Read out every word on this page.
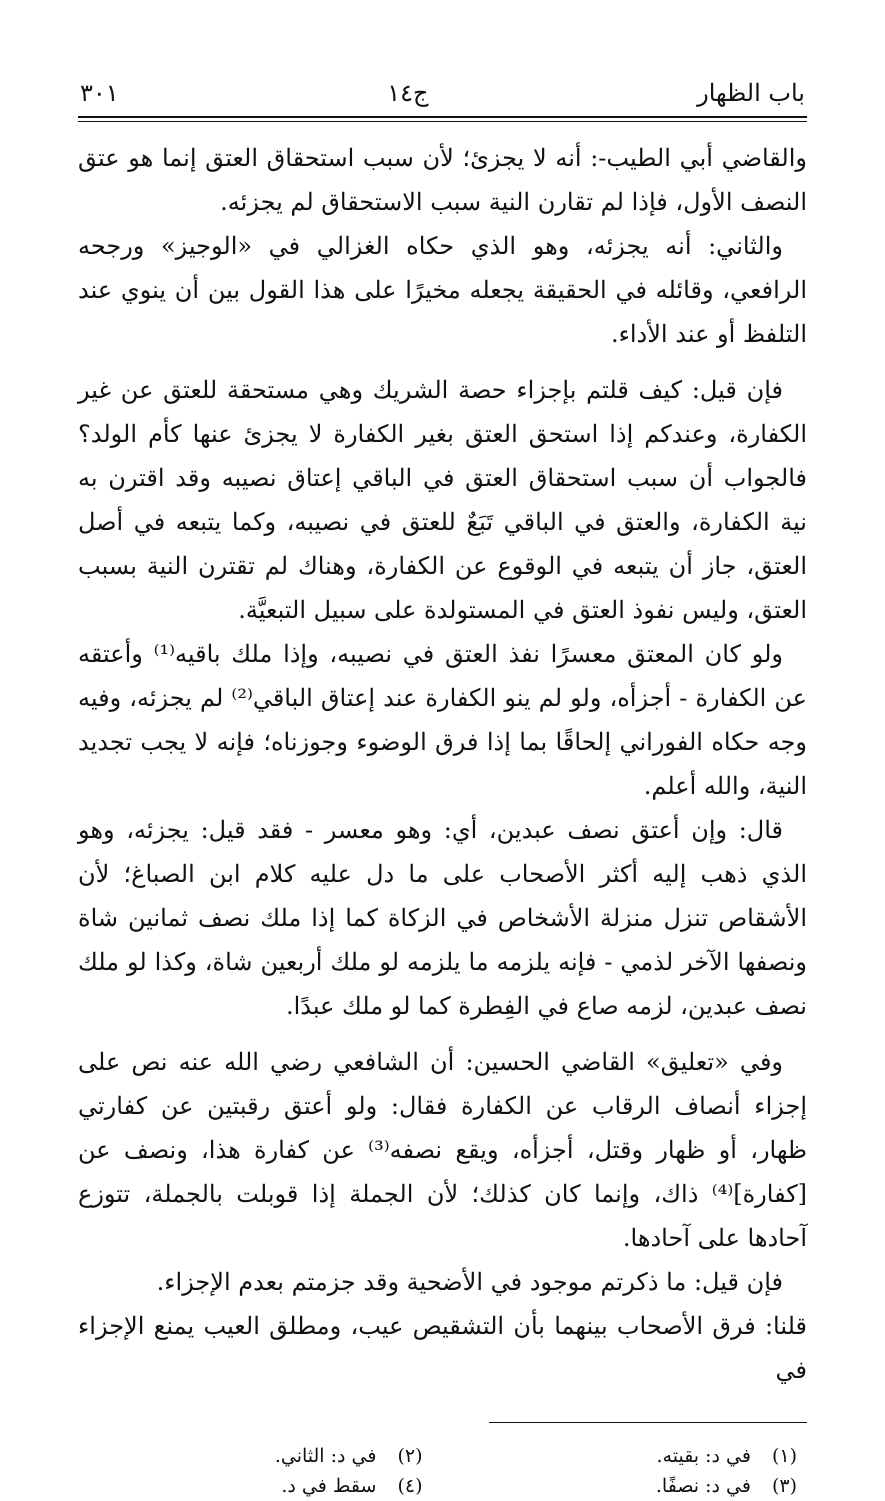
باب الظهار
ج١٤
٣٠١

والقاضي أبي الطيب-: أنه لا يجزئ؛ لأن سبب استحقاق العتق إنما هو عتق النصف الأول، فإذا لم تقارن النية سبب الاستحقاق لم يجزئه.

والثاني: أنه يجزئه، وهو الذي حكاه الغزالي في «الوجيز» ورجحه الرافعي، وقائله في الحقيقة يجعله مخيرًا على هذا القول بين أن ينوي عند التلفظ أو عند الأداء.

فإن قيل: كيف قلتم بإجزاء حصة الشريك وهي مستحقة للعتق عن غير الكفارة، وعندكم إذا استحق العتق بغير الكفارة لا يجزئ عنها كأم الولد؟فالجواب أن سبب استحقاق العتق في الباقي إعتاق نصيبه وقد اقترن به نية الكفارة، والعتق في الباقي تَبَعٌ للعتق في نصيبه، وكما يتبعه في أصل العتق، جاز أن يتبعه في الوقوع عن الكفارة، وهناك لم تقترن النية بسبب العتق، وليس نفوذ العتق في المستولدة على سبيل التبعيَّة.

ولو كان المعتق معسرًا نفذ العتق في نصيبه، وإذا ملك باقيه⁽¹⁾ وأعتقه عن الكفارة - أجزأه، ولو لم ينو الكفارة عند إعتاق الباقي⁽²⁾ لم يجزئه، وفيه وجه حكاه الفوراني إلحاقًا بما إذا فرق الوضوء وجوزناه؛ فإنه لا يجب تجديد النية، والله أعلم.

قال: وإن أعتق نصف عبدين، أي: وهو معسر - فقد قيل: يجزئه، وهو الذي ذهب إليه أكثر الأصحاب على ما دل عليه كلام ابن الصباغ؛ لأن الأشقاص تنزل منزلة الأشخاص في الزكاة كما إذا ملك نصف ثمانين شاة ونصفها الآخر لذمي - فإنه يلزمه ما يلزمه لو ملك أربعين شاة، وكذا لو ملك نصف عبدين، لزمه صاع في الفِطرة كما لو ملك عبدًا.

وفي «تعليق» القاضي الحسين: أن الشافعي رضي الله عنه نص على إجزاء أنصاف الرقاب عن الكفارة فقال: ولو أعتق رقبتين عن كفارتي ظهار، أو ظهار وقتل، أجزأه، ويقع نصفه⁽³⁾ عن كفارة هذا، ونصف عن [كفارة]⁽⁴⁾ ذاك، وإنما كان كذلك؛ لأن الجملة إذا قوبلت بالجملة، تتوزع آحادها على آحادها.

فإن قيل: ما ذكرتم موجود في الأضحية وقد جزمتم بعدم الإجزاء.

قلنا: فرق الأصحاب بينهما بأن التشقيص عيب، ومطلق العيب يمنع الإجزاء في

(١) في د: بقيته.
(٢) في د: الثاني.
(٣) في د: نصفًا.
(٤) سقط في د.
